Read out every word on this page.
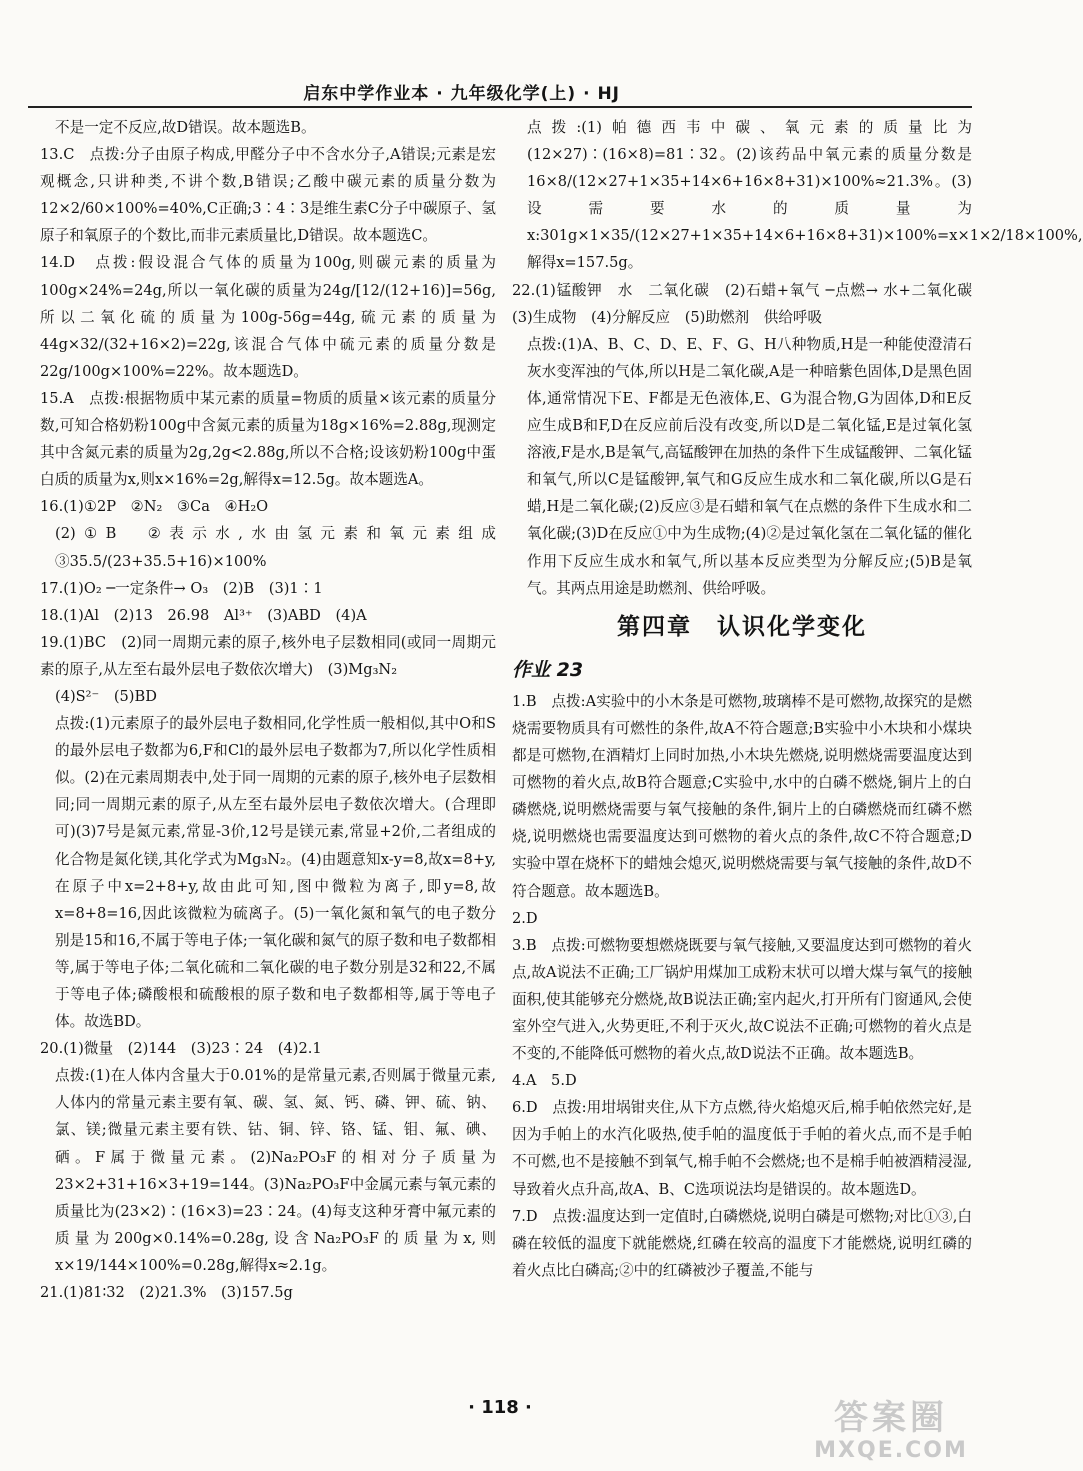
启东中学作业本 · 九年级化学(上) · HJ

不是一定不反应,故D错误。故本题选B。

13.C　点拨:分子由原子构成,甲醛分子中不含水分子,A错误;元素是宏观概念,只讲种类,不讲个数,B错误;乙酸中碳元素的质量分数为12×2/60×100%=40%,C正确;3∶4∶3是维生素C分子中碳原子、氢原子和氧原子的个数比,而非元素质量比,D错误。故本题选C。

14.D　点拨:假设混合气体的质量为100g,则碳元素的质量为100g×24%=24g,所以一氧化碳的质量为24g/[12/(12+16)]=56g,所以二氧化硫的质量为100g-56g=44g,硫元素的质量为44g×32/(32+16×2)=22g,该混合气体中硫元素的质量分数是22g/100g×100%=22%。故本题选D。

15.A　点拨:根据物质中某元素的质量=物质的质量×该元素的质量分数,可知合格奶粉100g中含氮元素的质量为18g×16%=2.88g,现测定其中含氮元素的质量为2g,2g<2.88g,所以不合格;设该奶粉100g中蛋白质的质量为x,则x×16%=2g,解得x=12.5g。故本题选A。

16.(1)①2P　②N₂　③Ca　④H₂O

(2)①B　②表示水,水由氢元素和氧元素组成　③35.5/(23+35.5+16)×100%

17.(1)O₂ ─一定条件→ O₃　(2)B　(3)1∶1

18.(1)Al　(2)13　26.98　Al³⁺　(3)ABD　(4)A

19.(1)BC　(2)同一周期元素的原子,核外电子层数相同(或同一周期元素的原子,从左至右最外层电子数依次增大)　(3)Mg₃N₂

(4)S²⁻　(5)BD

点拨:(1)元素原子的最外层电子数相同,化学性质一般相似,其中O和S的最外层电子数都为6,F和Cl的最外层电子数都为7,所以化学性质相似。(2)在元素周期表中,处于同一周期的元素的原子,核外电子层数相同;同一周期元素的原子,从左至右最外层电子数依次增大。(合理即可)(3)7号是氮元素,常显-3价,12号是镁元素,常显+2价,二者组成的化合物是氮化镁,其化学式为Mg₃N₂。(4)由题意知x-y=8,故x=8+y,在原子中x=2+8+y,故由此可知,图中微粒为离子,即y=8,故x=8+8=16,因此该微粒为硫离子。(5)一氧化氮和氧气的电子数分别是15和16,不属于等电子体;一氧化碳和氮气的原子数和电子数都相等,属于等电子体;二氧化硫和二氧化碳的电子数分别是32和22,不属于等电子体;磷酸根和硫酸根的原子数和电子数都相等,属于等电子体。故选BD。

20.(1)微量　(2)144　(3)23∶24　(4)2.1

点拨:(1)在人体内含量大于0.01%的是常量元素,否则属于微量元素,人体内的常量元素主要有氧、碳、氢、氮、钙、磷、钾、硫、钠、氯、镁;微量元素主要有铁、钴、铜、锌、铬、锰、钼、氟、碘、硒。F属于微量元素。(2)Na₂PO₃F的相对分子质量为23×2+31+16×3+19=144。(3)Na₂PO₃F中金属元素与氧元素的质量比为(23×2)∶(16×3)=23∶24。(4)每支这种牙膏中氟元素的质量为200g×0.14%=0.28g,设含Na₂PO₃F的质量为x,则x×19/144×100%=0.28g,解得x≈2.1g。

21.(1)81∶32　(2)21.3%　(3)157.5g

点拨:(1)帕德西韦中碳、氧元素的质量比为(12×27)∶(16×8)=81∶32。(2)该药品中氧元素的质量分数是16×8/(12×27+1×35+14×6+16×8+31)×100%≈21.3%。(3)设需要水的质量为x:301g×1×35/(12×27+1×35+14×6+16×8+31)×100%=x×1×2/18×100%,解得x=157.5g。

22.(1)锰酸钾　水　二氧化碳　(2)石蜡+氧气 ─点燃→ 水+二氧化碳　(3)生成物　(4)分解反应　(5)助燃剂　供给呼吸

点拨:(1)A、B、C、D、E、F、G、H八种物质,H是一种能使澄清石灰水变浑浊的气体,所以H是二氧化碳,A是一种暗紫色固体,D是黑色固体,通常情况下E、F都是无色液体,E、G为混合物,G为固体,D和E反应生成B和F,D在反应前后没有改变,所以D是二氧化锰,E是过氧化氢溶液,F是水,B是氧气,高锰酸钾在加热的条件下生成锰酸钾、二氧化锰和氧气,所以C是锰酸钾,氧气和G反应生成水和二氧化碳,所以G是石蜡,H是二氧化碳;(2)反应③是石蜡和氧气在点燃的条件下生成水和二氧化碳;(3)D在反应①中为生成物;(4)②是过氧化氢在二氧化锰的催化作用下反应生成水和氧气,所以基本反应类型为分解反应;(5)B是氧气。其两点用途是助燃剂、供给呼吸。

第四章　认识化学变化
作业 23

1.B　点拨:A实验中的小木条是可燃物,玻璃棒不是可燃物,故探究的是燃烧需要物质具有可燃性的条件,故A不符合题意;B实验中小木块和小煤块都是可燃物,在酒精灯上同时加热,小木块先燃烧,说明燃烧需要温度达到可燃物的着火点,故B符合题意;C实验中,水中的白磷不燃烧,铜片上的白磷燃烧,说明燃烧需要与氧气接触的条件,铜片上的白磷燃烧而红磷不燃烧,说明燃烧也需要温度达到可燃物的着火点的条件,故C不符合题意;D实验中罩在烧杯下的蜡烛会熄灭,说明燃烧需要与氧气接触的条件,故D不符合题意。故本题选B。

2.D

3.B　点拨:可燃物要想燃烧既要与氧气接触,又要温度达到可燃物的着火点,故A说法不正确;工厂锅炉用煤加工成粉末状可以增大煤与氧气的接触面积,使其能够充分燃烧,故B说法正确;室内起火,打开所有门窗通风,会使室外空气进入,火势更旺,不利于灭火,故C说法不正确;可燃物的着火点是不变的,不能降低可燃物的着火点,故D说法不正确。故本题选B。

4.A　5.D

6.D　点拨:用坩埚钳夹住,从下方点燃,待火焰熄灭后,棉手帕依然完好,是因为手帕上的水汽化吸热,使手帕的温度低于手帕的着火点,而不是手帕不可燃,也不是接触不到氧气,棉手帕不会燃烧;也不是棉手帕被酒精浸湿,导致着火点升高,故A、B、C选项说法均是错误的。故本题选D。

7.D　点拨:温度达到一定值时,白磷燃烧,说明白磷是可燃物;对比①③,白磷在较低的温度下就能燃烧,红磷在较高的温度下才能燃烧,说明红磷的着火点比白磷高;②中的红磷被沙子覆盖,不能与

· 118 ·	答案圈
MXQE.COM
